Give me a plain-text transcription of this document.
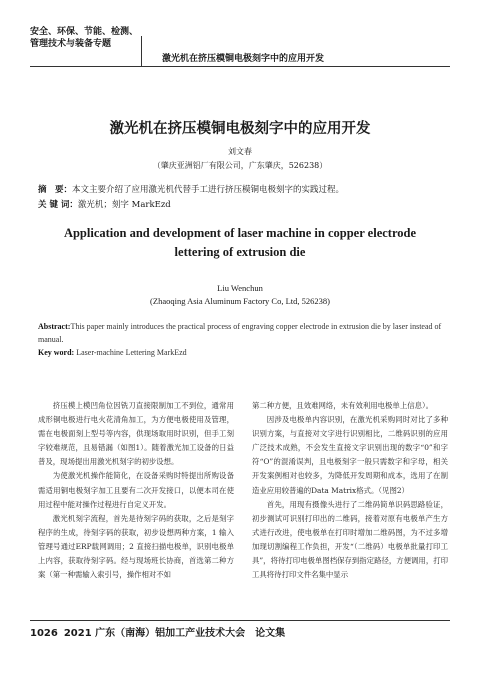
安全、环保、节能、检测、
管理技术与装备专题
激光机在挤压模铜电极刻字中的应用开发
激光机在挤压模铜电极刻字中的应用开发
刘文春
（肇庆亚洲铝厂有限公司，广东肇庆，526238）
摘　要：本文主要介绍了应用激光机代替手工进行挤压模铜电极刻字的实践过程。
关 键 词：激光机；刻字 MarkEzd
Application and development of laser machine in copper electrode
lettering of extrusion die
Liu Wenchun
(Zhaoqing Asia Aluminum Factory Co, Ltd, 526238)
Abstract:This paper mainly introduces the practical process of engraving copper electrode in extrusion die by laser instead of manual.
Key word: Laser-machine Lettering MarkEzd

挤压模上模凹角位因铣刀直接限制加工不到位，通常用成形铜电极进行电火花清角加工，为方便电极使用及管理，需在电极面刻上型号等内容，供现场取用时识别，但手工刻字较难规范，且易错漏（如图1）。随着激光加工设备的日益普及，现场提出用激光机刻字的初步设想。

为使激光机操作能简化，在设备采购时特提出所购设备需适用铜电极刻字加工且要有二次开发接口，以便本司在使用过程中能对操作过程进行自定义开发。

激光机刻字流程，首先是待刻字码的获取，之后是刻字程序的生成，待刻字码的获取，初步设想两种方案，1 输入管理号通过ERP载网调用；2 直接扫描电极单，识别电极单上内容，获取待刻字码。经与现场班长协商，首选第二种方案（第一种需输入索引号，操作相对不如

第二种方便，且效难网络，未有效利用电极单上信息）。

因涉及电极单内容识别，在激光机采购同时对比了多种识别方案，与直接对文字进行识别相比，二维码识别的应用广泛技术成熟，不会发生直接文字识别出现的数字“0”和字符“O”的混淆误判，且电极刻字一般只需数字和字母，相关开发案例相对也较多，为降低开发周期和成本，选用了在制造业应用较普遍的Data Matrix格式。（见图2）

首先，用现有摄像头进行了二维码简单识码思路验证，初步测试可识别打印出的二维码，接着对原有电极单产生方式进行改进，使电极单在打印时增加二维码图，为不过多增加现切割编程工作负担，开发“（二维码）电极单批量打印工具”，将待打印电极单图档保存到指定路径，方便调用，打印工具将待打印文件名集中显示

1026 2021 广东（南海）铝加工产业技术大会　论文集
